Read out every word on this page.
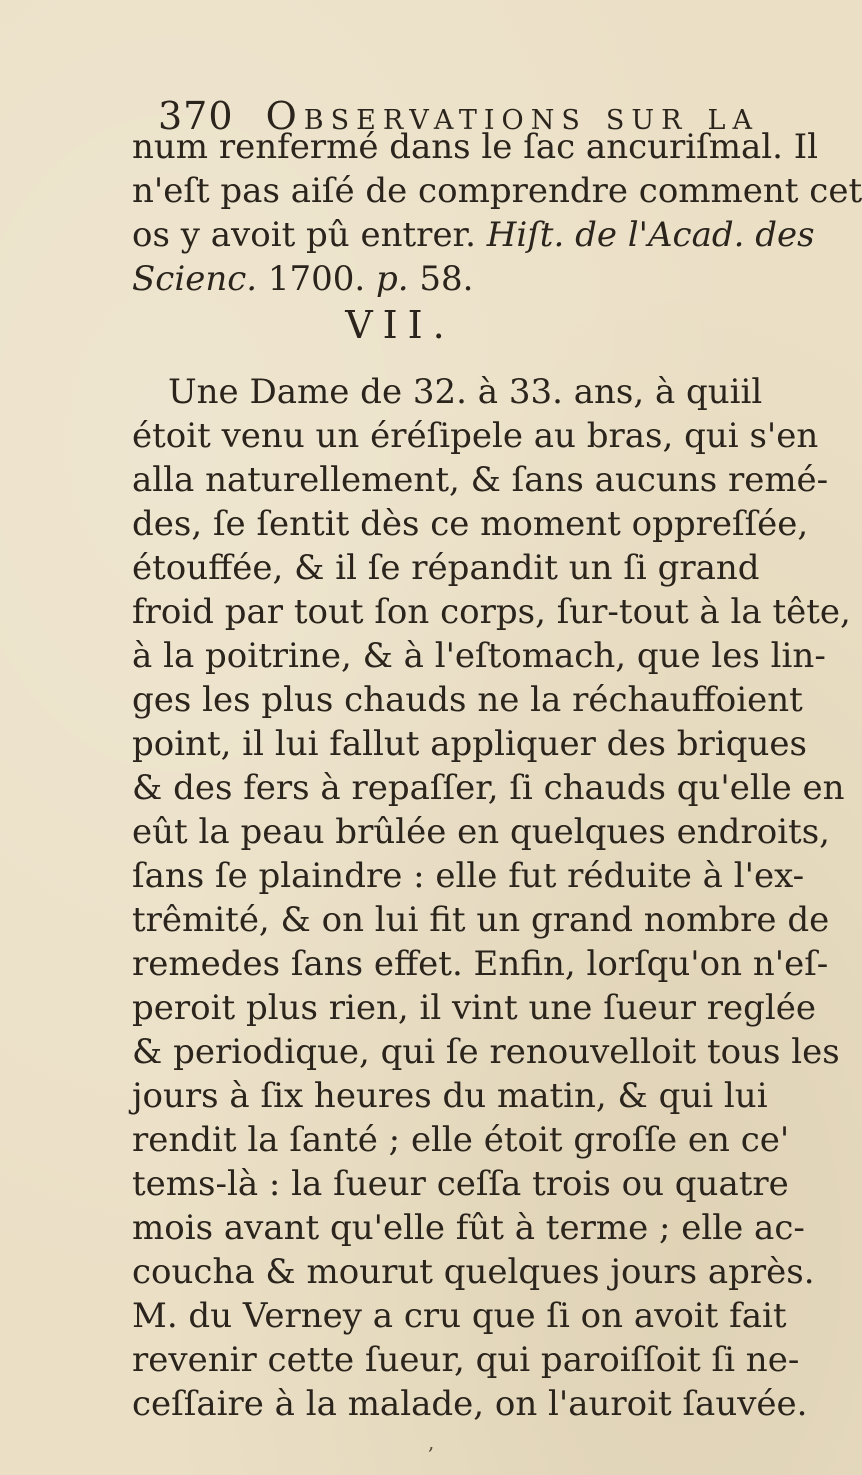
370 Observations sur la
num renfermé dans le ſac ancuriſmal. Il
n'eſt pas aiſé de comprendre comment cet
os y avoit pû entrer. Hiſt. de l'Acad. des
Scienc. 1700. p. 58.
VII.
Une Dame de 32. à 33. ans, à quiil
étoit venu un éréſipele au bras, qui s'en
alla naturellement, & ſans aucuns remé-
des, ſe ſentit dès ce moment oppreſſée,
étouffée, & il ſe répandit un ſi grand
froid par tout ſon corps, ſur-tout à la tête,
à la poitrine, & à l'eſtomach, que les lin-
ges les plus chauds ne la réchauffoient
point, il lui fallut appliquer des briques
& des fers à repaſſer, ſi chauds qu'elle en
eût la peau brûlée en quelques endroits,
ſans ſe plaindre : elle fut réduite à l'ex-
trêmité, & on lui fit un grand nombre de
remedes ſans effet. Enfin, lorſqu'on n'eſ-
peroit plus rien, il vint une ſueur reglée
& periodique, qui ſe renouvelloit tous les
jours à ſix heures du matin, & qui lui
rendit la ſanté ; elle étoit groſſe en ce'
tems-là : la ſueur ceſſa trois ou quatre
mois avant qu'elle fût à terme ; elle ac-
coucha & mourut quelques jours après.
M. du Verney a cru que ſi on avoit fait
revenir cette ſueur, qui paroiſſoit ſi ne-
ceſſaire à la malade, on l'auroit ſauvée.
,
